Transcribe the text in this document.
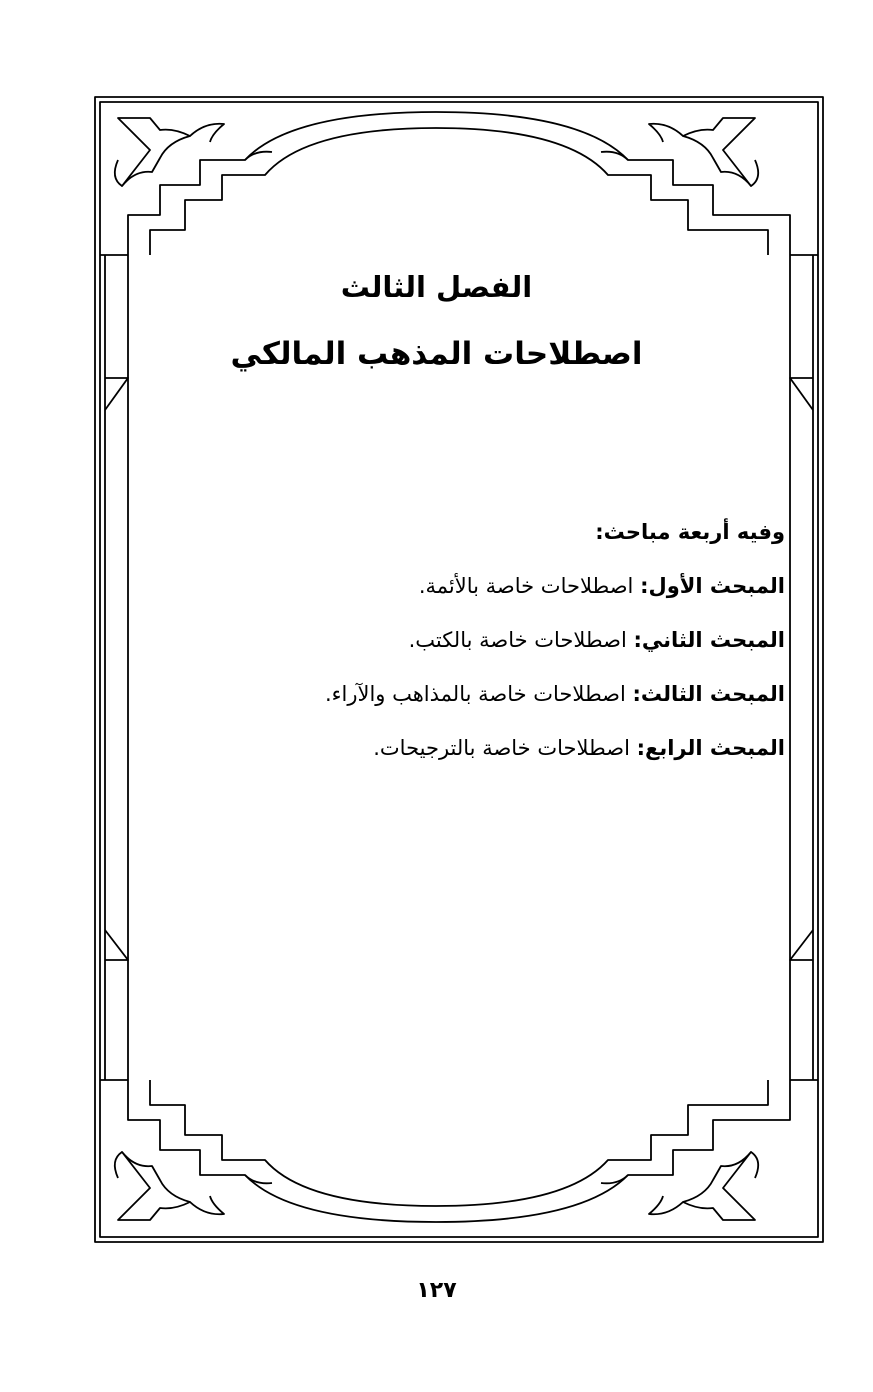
الفصل الثالث
اصطلاحات المذهب المالكي
وفيه أربعة مباحث:
المبحث الأول: اصطلاحات خاصة بالأئمة.
المبحث الثاني: اصطلاحات خاصة بالكتب.
المبحث الثالث: اصطلاحات خاصة بالمذاهب والآراء.
المبحث الرابع: اصطلاحات خاصة بالترجيحات.
١٢٧
